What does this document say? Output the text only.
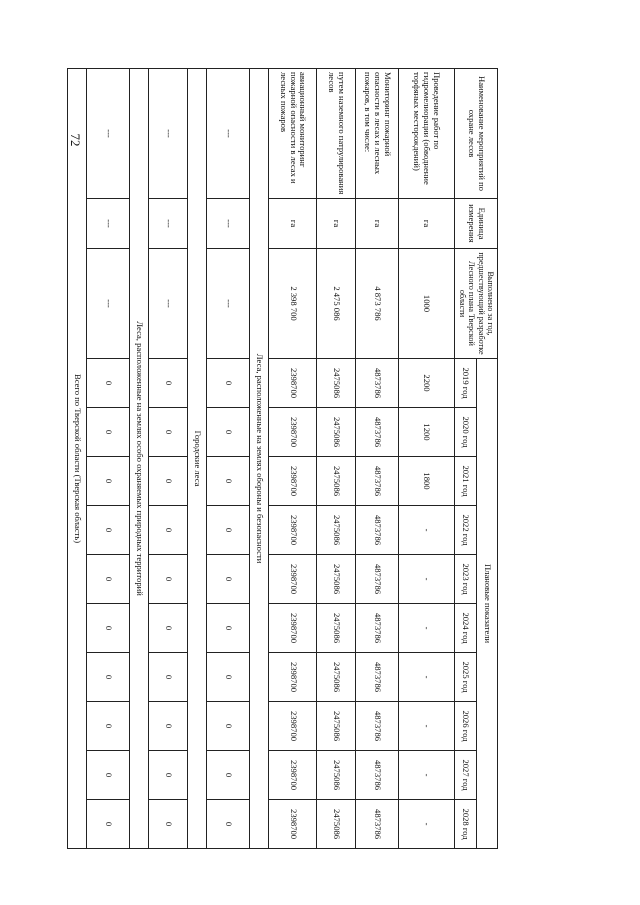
72	Наименование мероприятий по охране лесов	Единица измерения	Выполнено за год, предшествующий разработке Лесного плана Тверской области	Плановые показатели									
			2019 год	2020 год	2021 год	2022 год	2023 год	2024 год	2025 год	2026 год	2027 год	2028 год
Проведение работ по гидромелиорации (обводнение торфяных месторождений)	га	1000	2200	1200	1800	-	-	-	-	-	-	-
Мониторинг пожарной опасности в лесах и лесных пожаров, в том числе:	га	4 873 786	4873786	4873786	4873786	4873786	4873786	4873786	4873786	4873786	4873786	4873786
путем наземного патрулирования лесов	га	2 475 086	2475086	2475086	2475086	2475086	2475086	2475086	2475086	2475086	2475086	2475086
авиационный мониторинг пожарной опасности в лесах и лесных пожаров	га	2 398 700	2398700	2398700	2398700	2398700	2398700	2398700	2398700	2398700	2398700	2398700
Леса, расположенные на землях обороны и безопасности												
---	---	---	0	0	0	0	0	0	0	0	0	0
Городские леса												
---	---	---	0	0	0	0	0	0	0	0	0	0
Леса, расположенные на землях особо охраняемых природных территорий												
---	---	---	0	0	0	0	0	0	0	0	0	0
Всего по Тверской области (Тверская область)												
